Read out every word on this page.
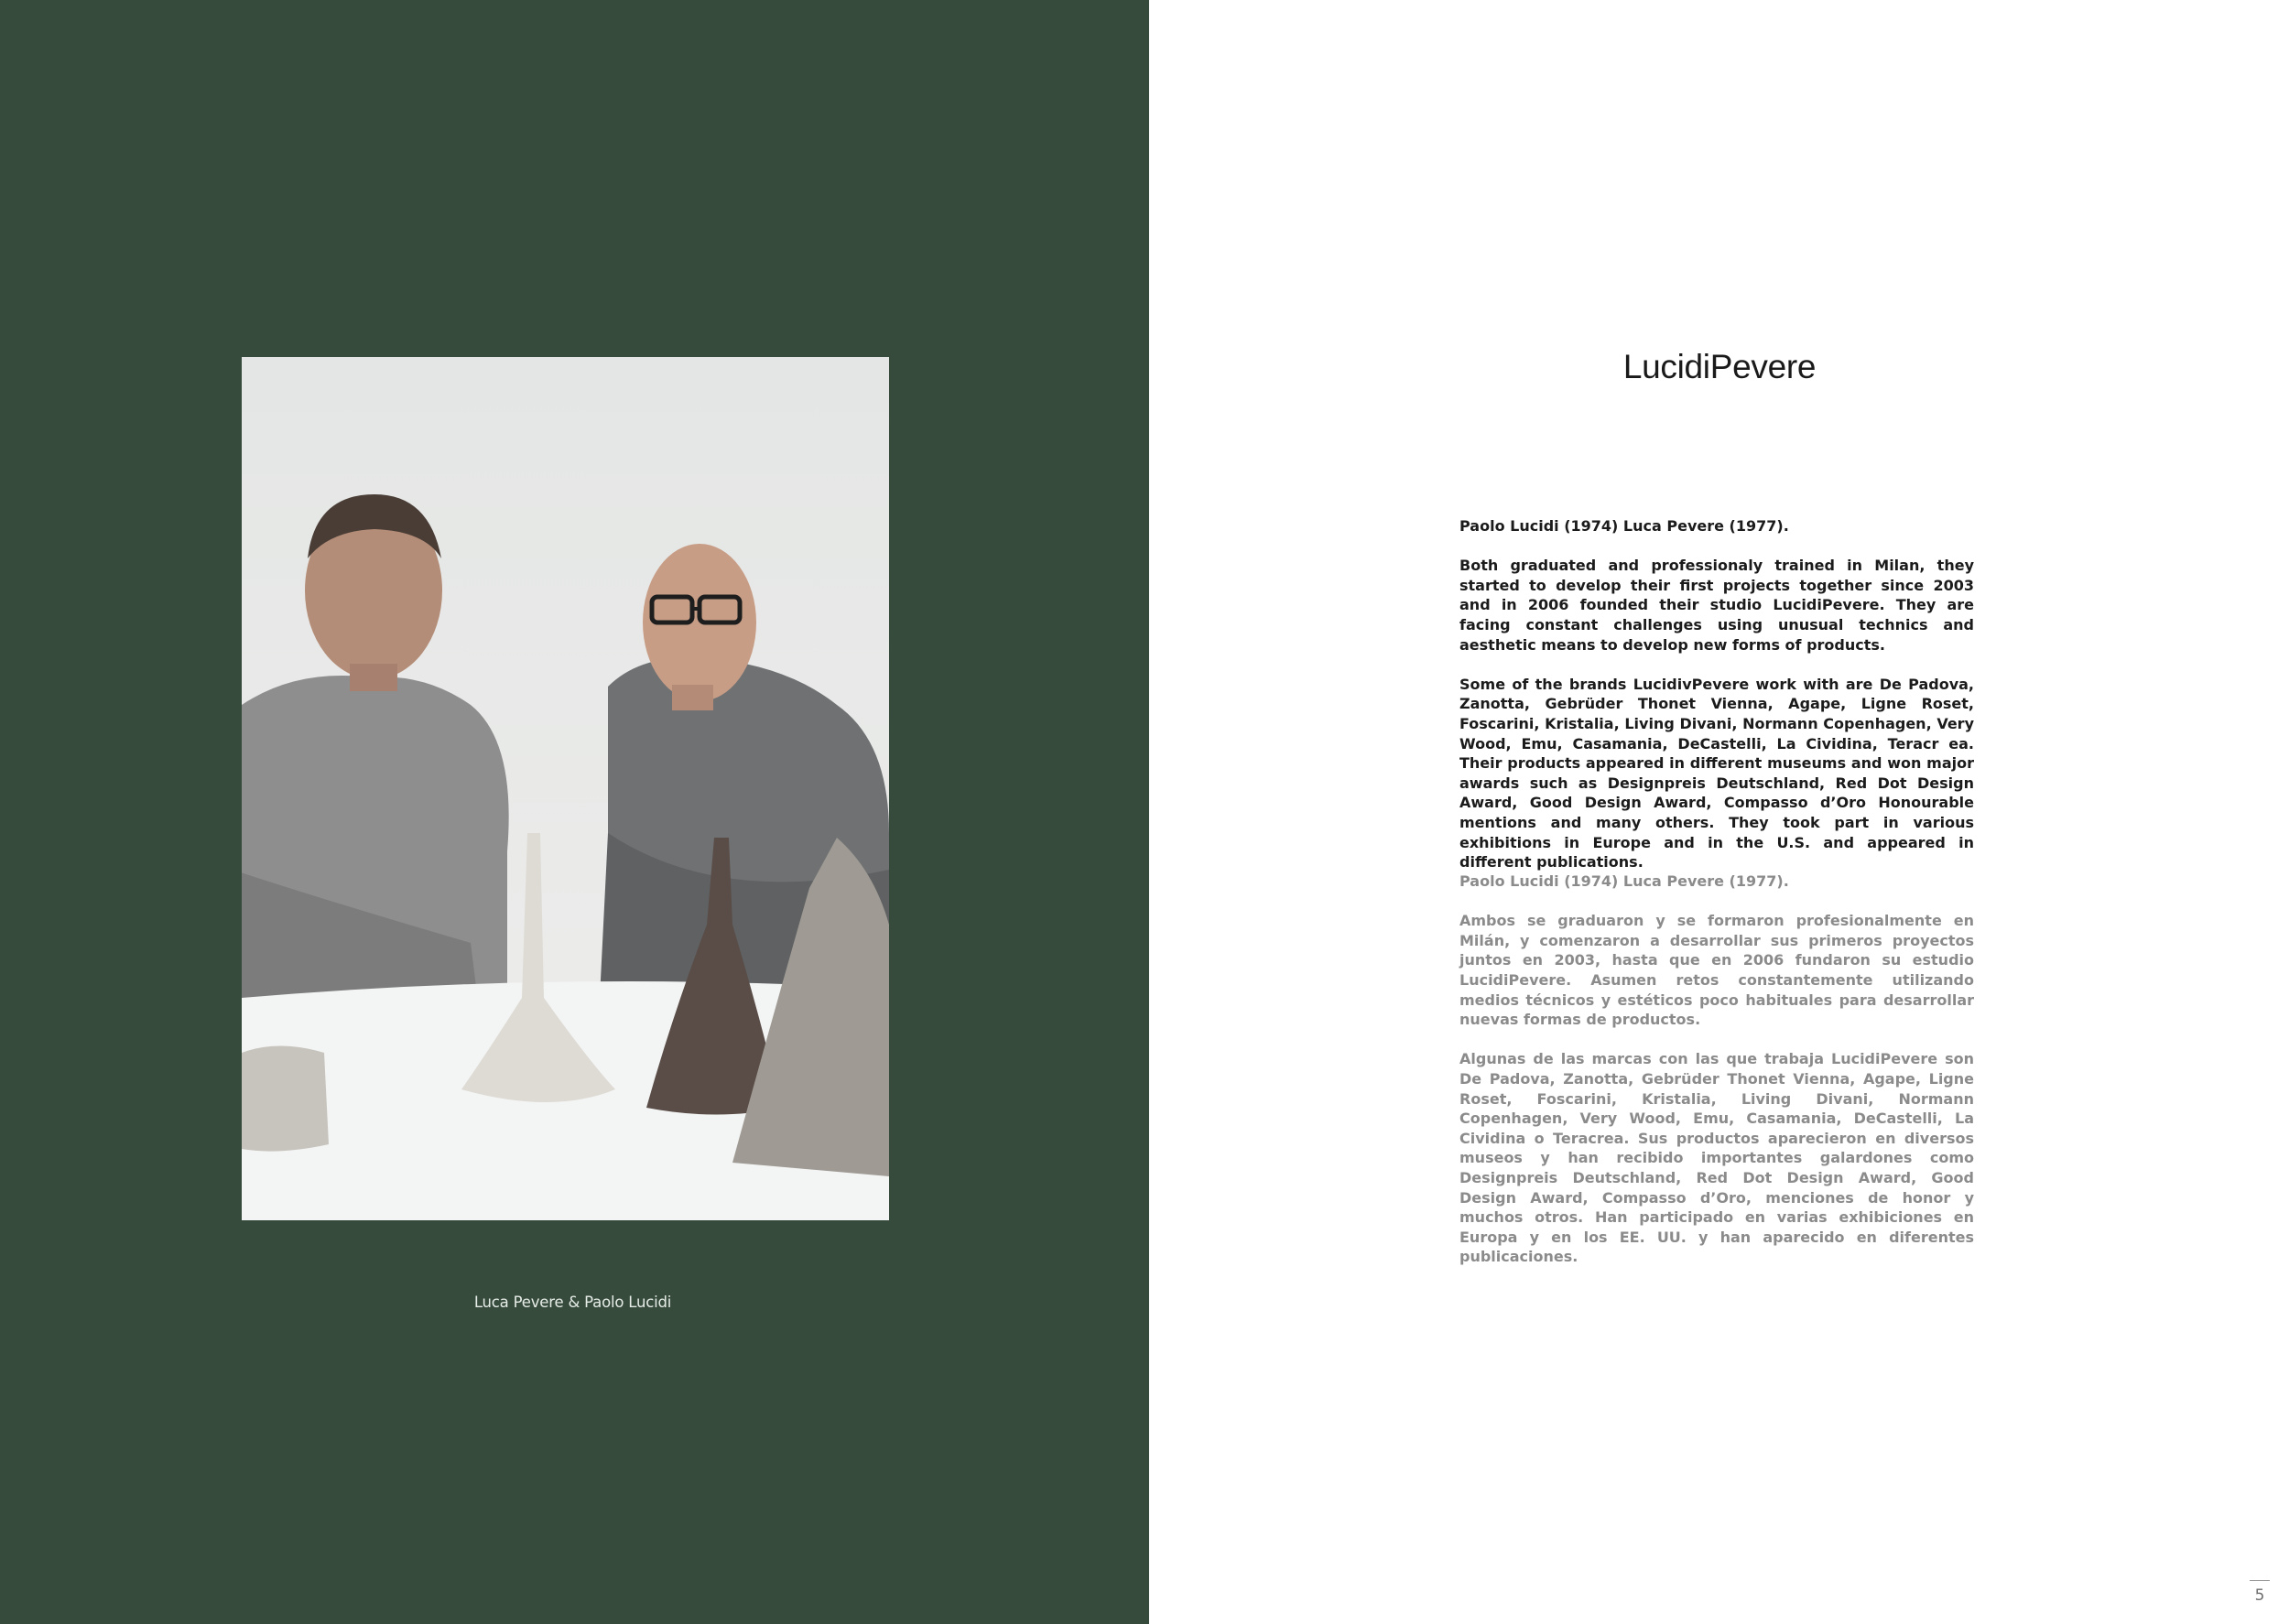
Luca Pevere & Paolo Lucidi
LucidiPevere

Paolo Lucidi (1974) Luca Pevere (1977).

Both graduated and professionaly trained in Milan, they started to develop their first projects together since 2003 and in 2006 founded their studio LucidiPevere. They are facing constant challenges using unusual technics and aesthetic means to develop new forms of products.

Some of the brands LucidivPevere work with are De Padova, Zanotta, Gebrüder Thonet Vienna, Agape, Ligne Roset, Foscarini, Kristalia, Living Divani, Normann Copenhagen, Very Wood, Emu, Casamania, DeCastelli, La Cividina, Teracr ea. Their products appeared in different museums and won major awards such as Designpreis Deutschland, Red Dot Design Award, Good Design Award, Compasso d’Oro Honourable mentions and many others. They took part in various exhibitions in Europe and in the U.S. and appeared in different publications.

Paolo Lucidi (1974) Luca Pevere (1977).

Ambos se graduaron y se formaron profesionalmente en Milán, y comenzaron a desarrollar sus primeros proyectos juntos en 2003, hasta que en 2006 fundaron su estudio LucidiPevere. Asumen retos constantemente utilizando medios técnicos y estéticos poco habituales para desarrollar nuevas formas de productos.

Algunas de las marcas con las que trabaja LucidiPevere son De Padova, Zanotta, Gebrüder Thonet Vienna, Agape, Ligne Roset, Foscarini, Kristalia, Living Divani, Normann Copenhagen, Very Wood, Emu, Casamania, DeCastelli, La Cividina o Teracrea. Sus productos aparecieron en diversos museos y han recibido importantes galardones como Designpreis Deutschland, Red Dot Design Award, Good Design Award, Compasso d’Oro, menciones de honor y muchos otros. Han participado en varias exhibiciones en Europa y en los EE. UU. y han aparecido en diferentes publicaciones.

5
